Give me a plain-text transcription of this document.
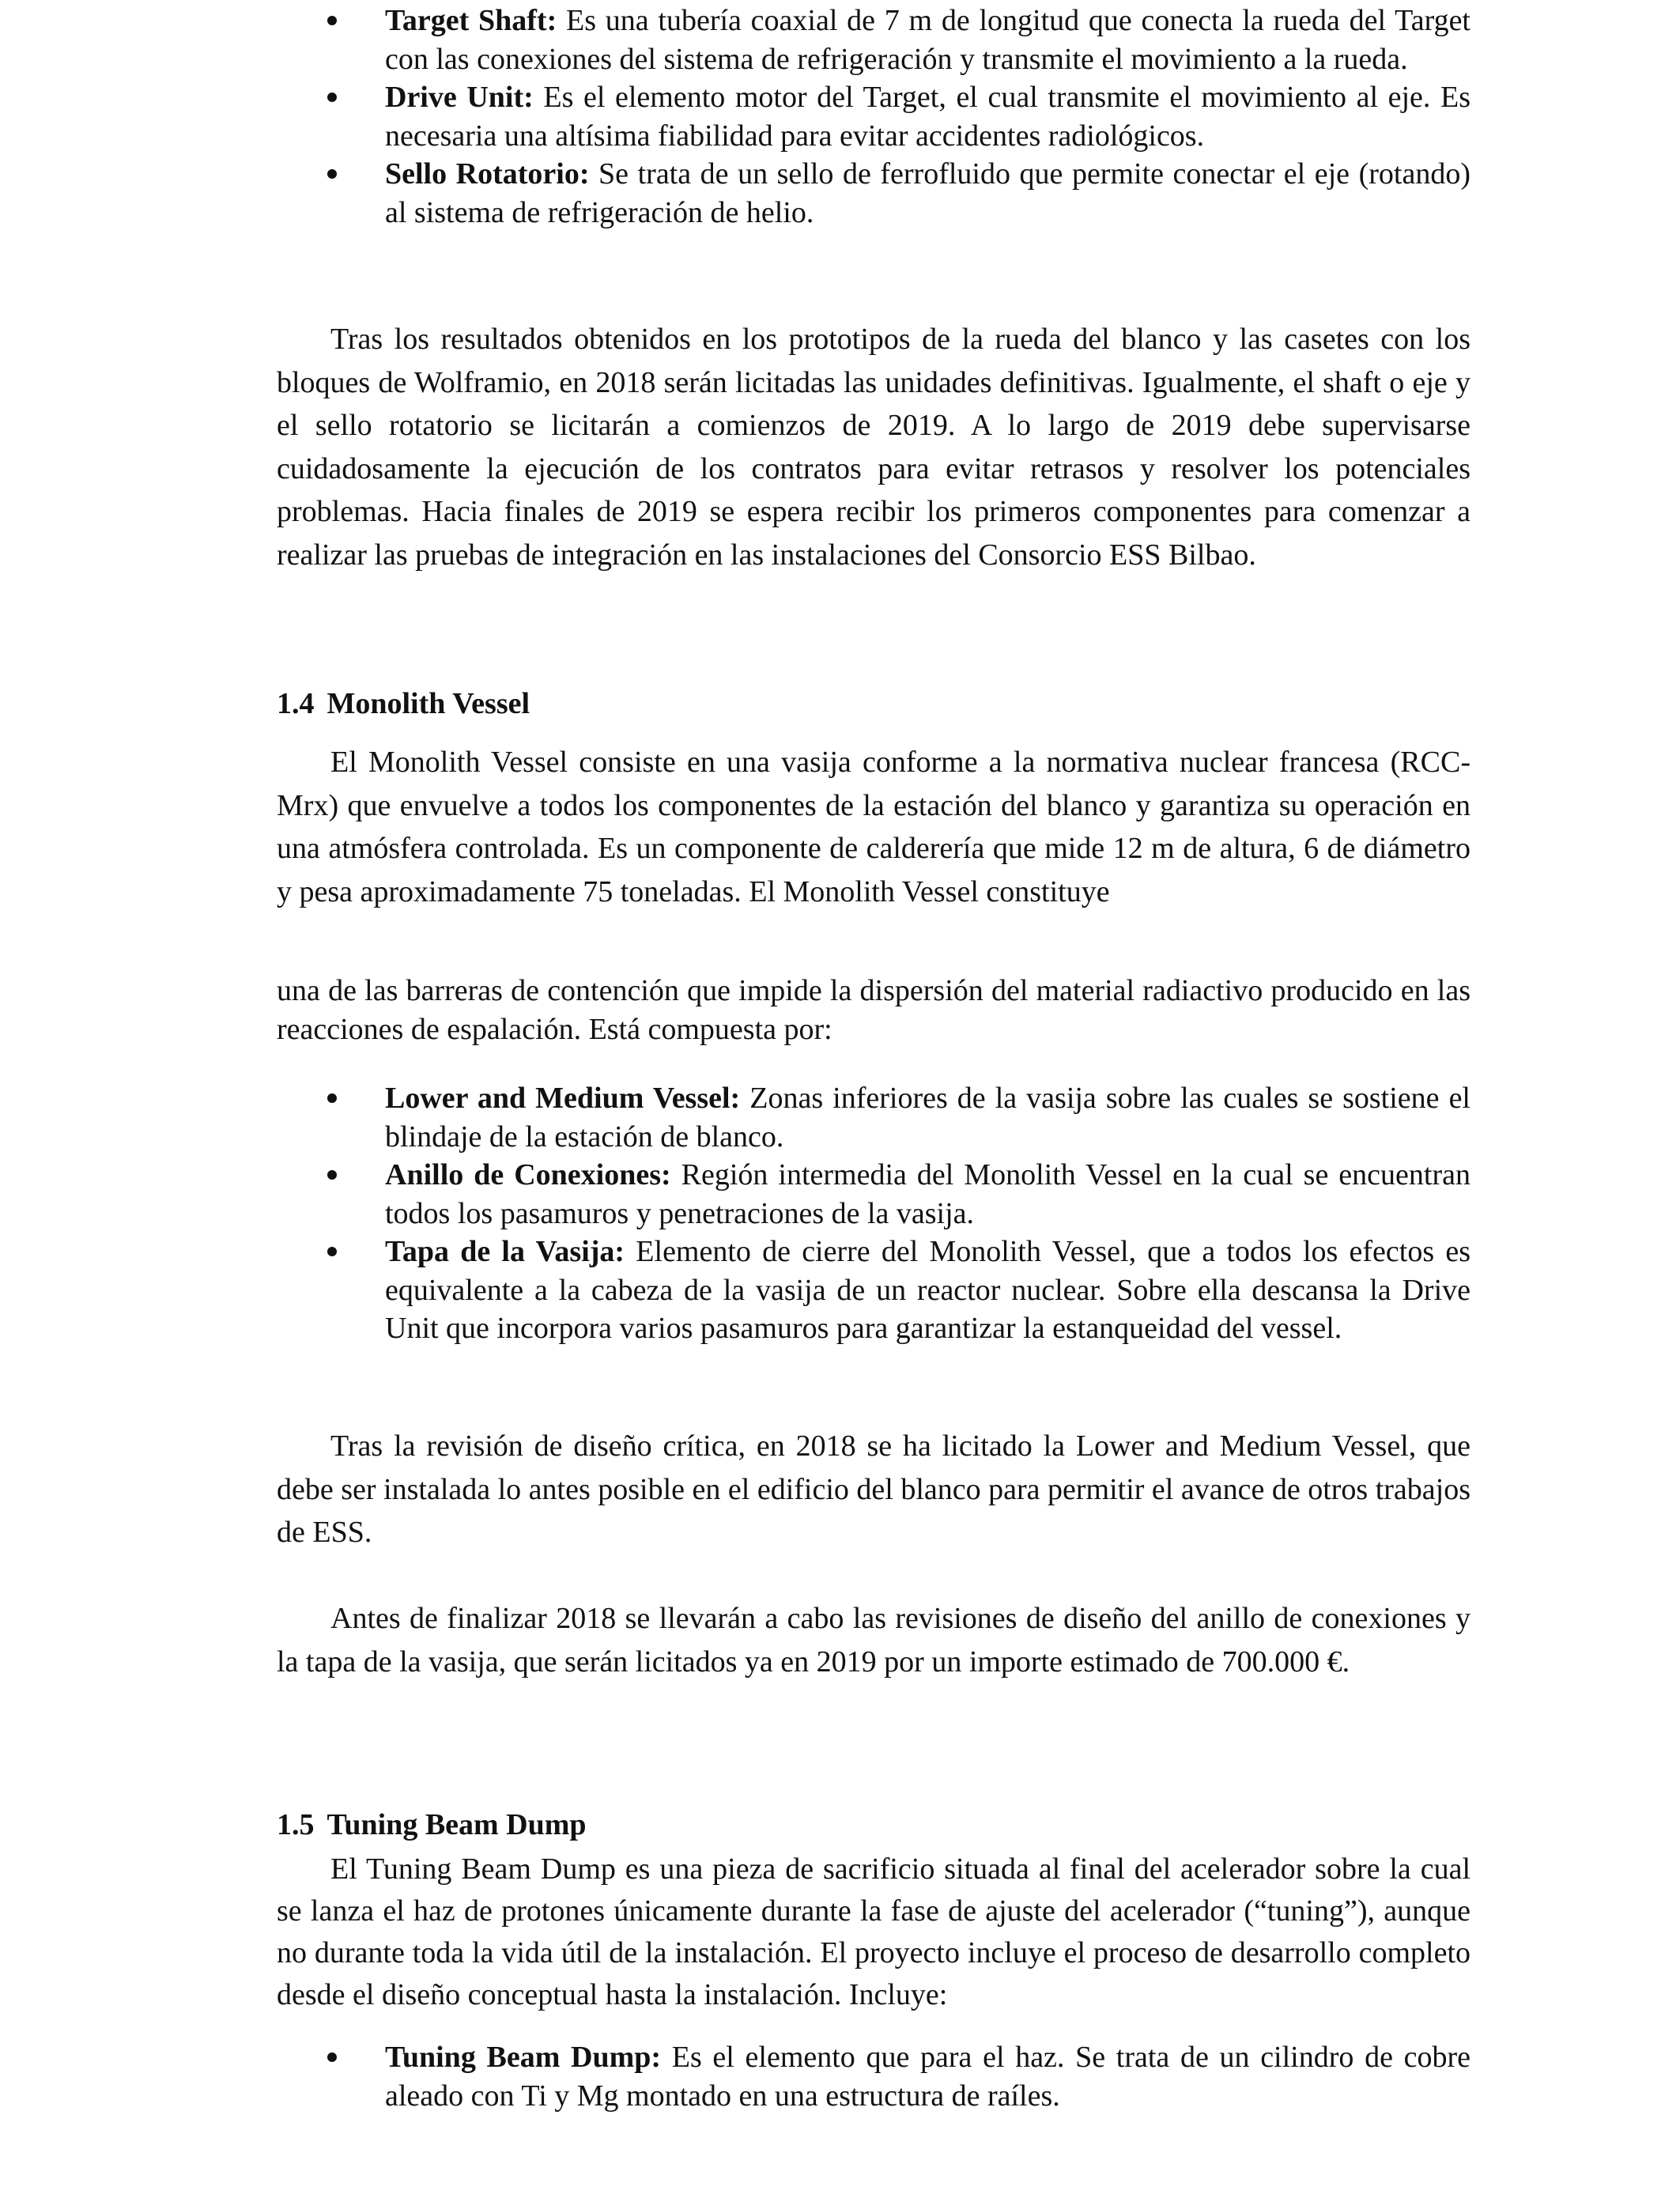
Target Shaft: Es una tubería coaxial de 7 m de longitud que conecta la rueda del Target con las conexiones del sistema de refrigeración y transmite el movimiento a la rueda.
Drive Unit: Es el elemento motor del Target, el cual transmite el movimiento al eje. Es necesaria una altísima fiabilidad para evitar accidentes radiológicos.
Sello Rotatorio: Se trata de un sello de ferrofluido que permite conectar el eje (rotando) al sistema de refrigeración de helio.

Tras los resultados obtenidos en los prototipos de la rueda del blanco y las casetes con los bloques de Wolframio, en 2018 serán licitadas las unidades definitivas. Igualmente, el shaft o eje y el sello rotatorio se licitarán a comienzos de 2019. A lo largo de 2019 debe supervisarse cuidadosamente la ejecución de los contratos para evitar retrasos y resolver los potenciales problemas. Hacia finales de 2019 se espera recibir los primeros componentes para comenzar a realizar las pruebas de integración en las instalaciones del Consorcio ESS Bilbao.

1.4 Monolith Vessel

El Monolith Vessel consiste en una vasija conforme a la normativa nuclear francesa (RCC-Mrx) que envuelve a todos los componentes de la estación del blanco y garantiza su operación en una atmósfera controlada. Es un componente de calderería que mide 12 m de altura, 6 de diámetro y pesa aproximadamente 75 toneladas. El Monolith Vessel constituye

una de las barreras de contención que impide la dispersión del material radiactivo producido en las reacciones de espalación. Está compuesta por:

Lower and Medium Vessel: Zonas inferiores de la vasija sobre las cuales se sostiene el blindaje de la estación de blanco.
Anillo de Conexiones: Región intermedia del Monolith Vessel en la cual se encuentran todos los pasamuros y penetraciones de la vasija.
Tapa de la Vasija: Elemento de cierre del Monolith Vessel, que a todos los efectos es equivalente a la cabeza de la vasija de un reactor nuclear. Sobre ella descansa la Drive Unit que incorpora varios pasamuros para garantizar la estanqueidad del vessel.

Tras la revisión de diseño crítica, en 2018 se ha licitado la Lower and Medium Vessel, que debe ser instalada lo antes posible en el edificio del blanco para permitir el avance de otros trabajos de ESS.

Antes de finalizar 2018 se llevarán a cabo las revisiones de diseño del anillo de conexiones y la tapa de la vasija, que serán licitados ya en 2019 por un importe estimado de 700.000 €.

1.5 Tuning Beam Dump

El Tuning Beam Dump es una pieza de sacrificio situada al final del acelerador sobre la cual se lanza el haz de protones únicamente durante la fase de ajuste del acelerador (“tuning”), aunque no durante toda la vida útil de la instalación. El proyecto incluye el proceso de desarrollo completo desde el diseño conceptual hasta la instalación. Incluye:

Tuning Beam Dump: Es el elemento que para el haz. Se trata de un cilindro de cobre aleado con Ti y Mg montado en una estructura de raíles.
